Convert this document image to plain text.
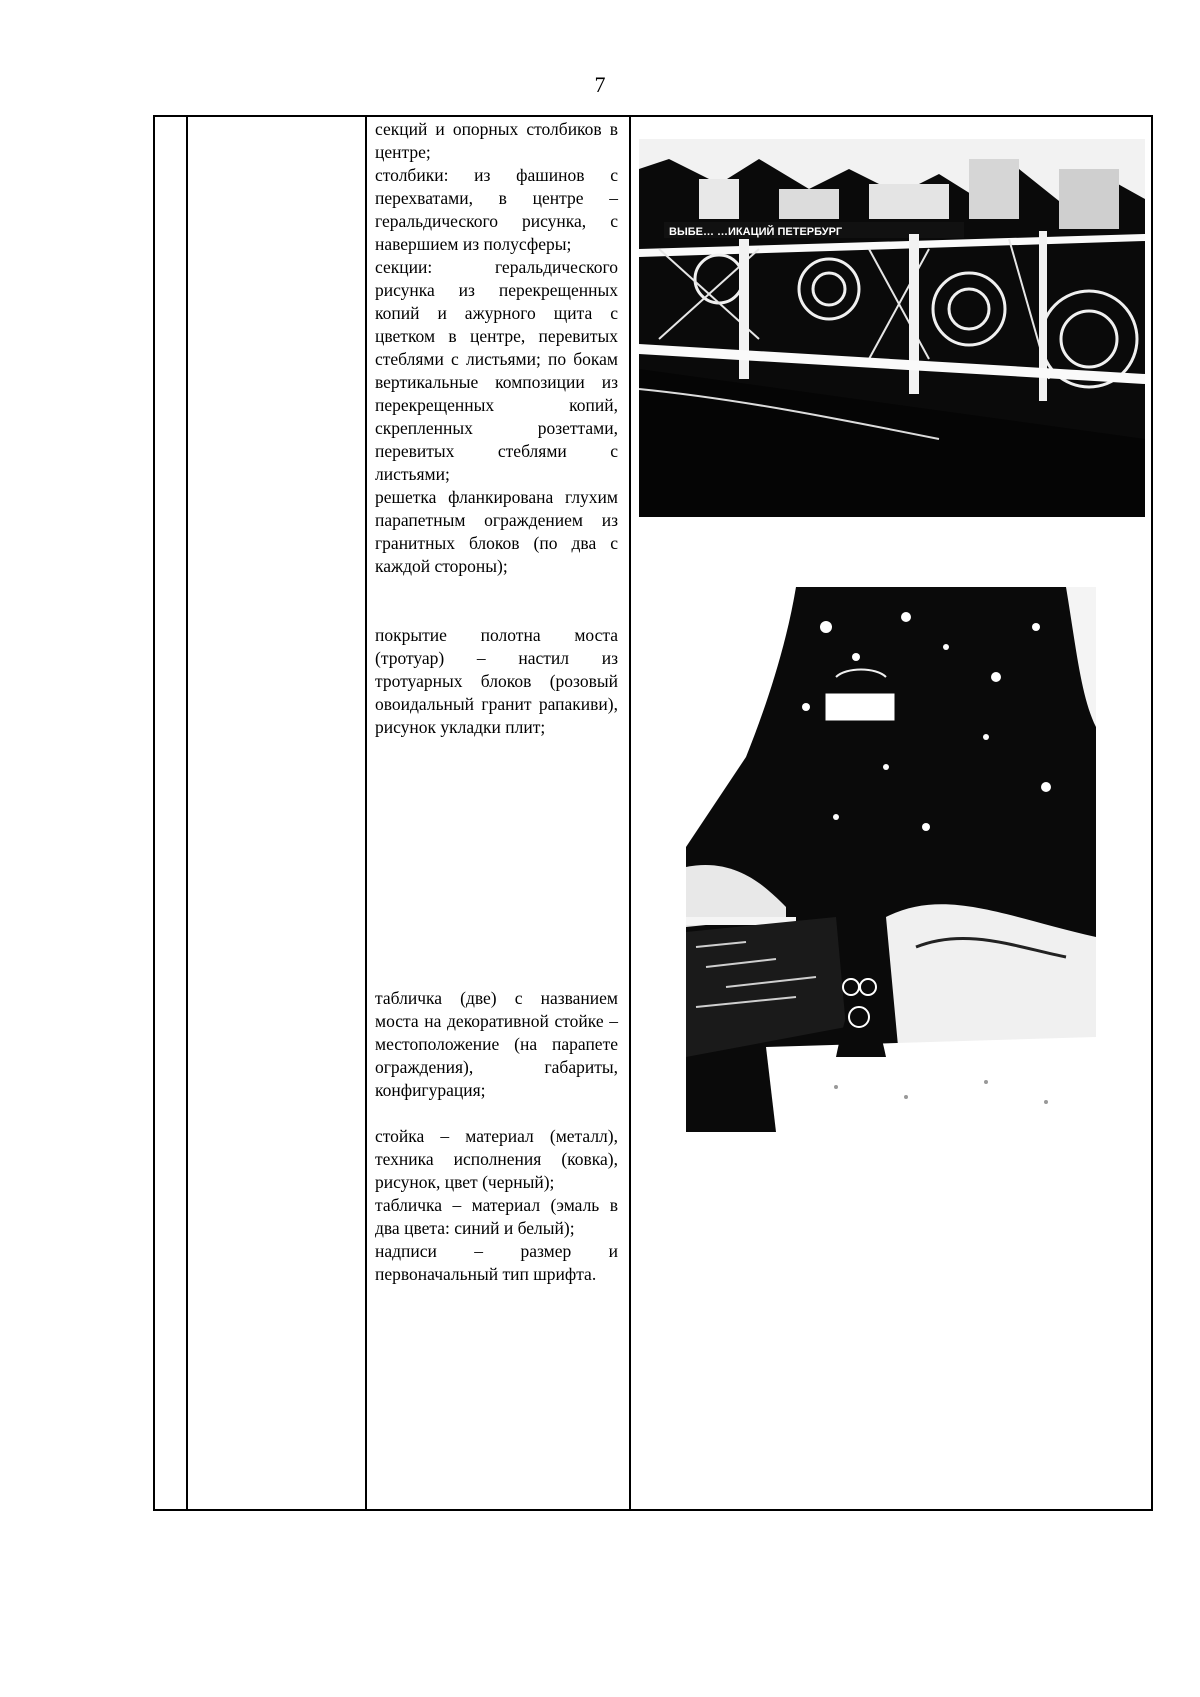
7

секций и опорных столбиков в центре;

столбики: из фашинов с перехватами, в центре – геральдического рисунка, с навершием из полусферы;

секции: геральдического рисунка из перекрещенных копий и ажурного щита с цветком в центре, перевитых стеблями с листьями; по бокам вертикальные композиции из перекрещенных копий, скрепленных розеттами, перевитых стеблями с листьями;

решетка фланкирована глухим парапетным ограждением из гранитных блоков (по два с каждой стороны);

покрытие полотна моста (тротуар) – настил из тротуарных блоков (розовый овоидальный гранит рапакиви), рисунок укладки плит;

табличка (две) с названием моста на декоративной стойке – местоположение (на парапете ограждения), габариты, конфигурация;

стойка – материал (металл), техника исполнения (ковка), рисунок, цвет (черный);

табличка – материал (эмаль в два цвета: синий и белый);

надписи – размер и первоначальный тип шрифта.

ВЫБЕ… …ИКАЦИЙ ПЕТЕРБУРГ
